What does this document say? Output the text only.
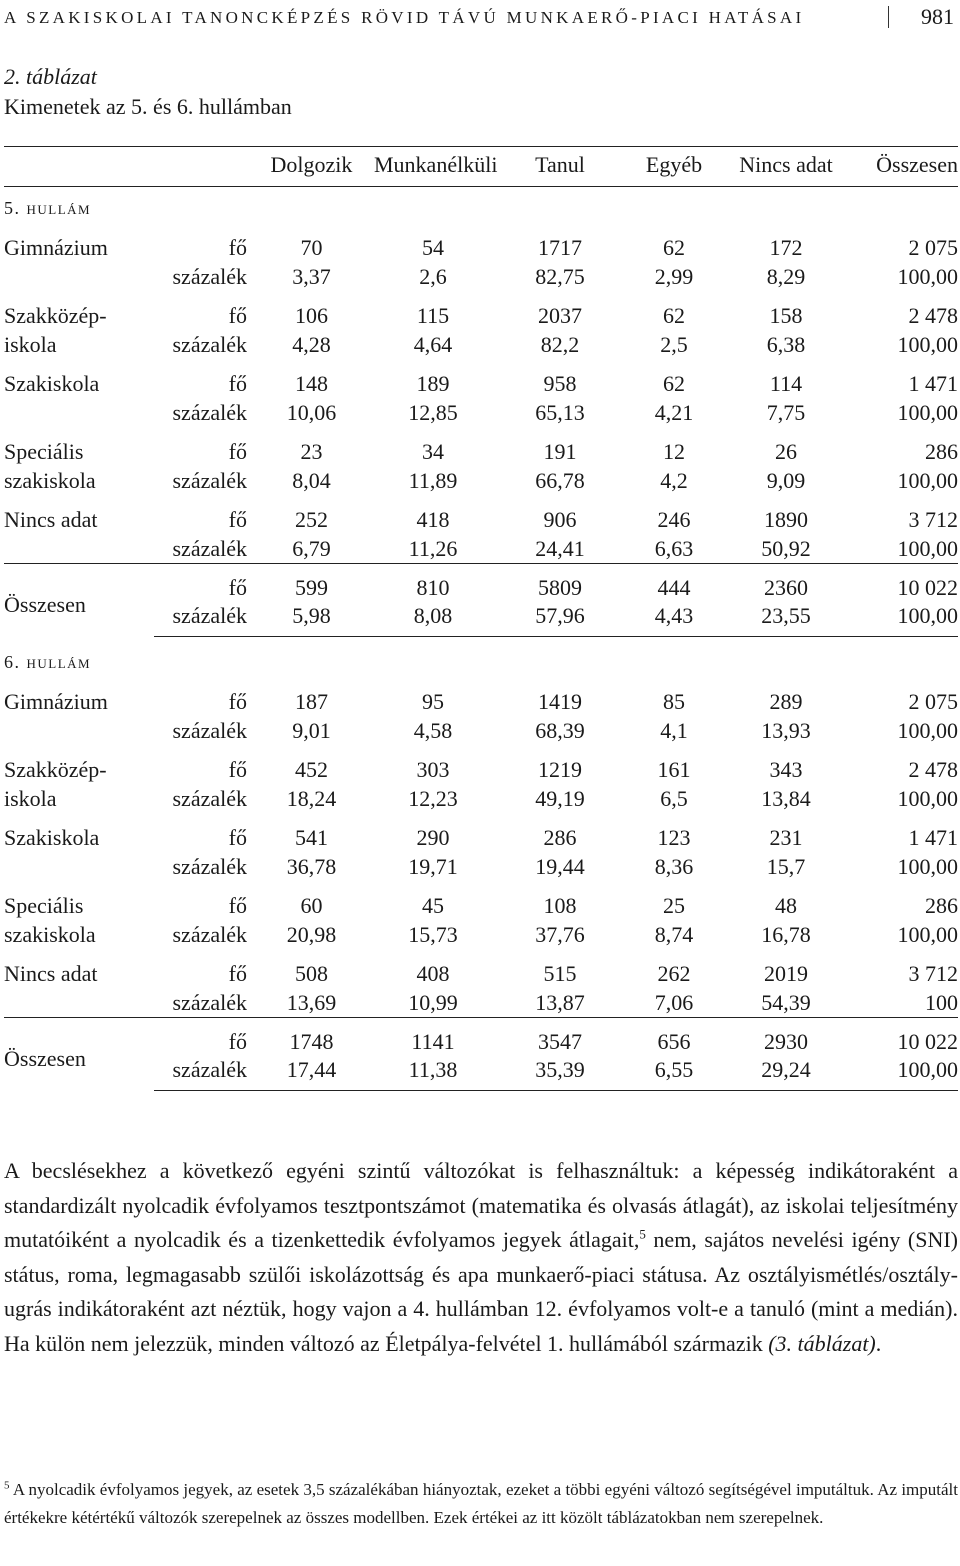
A SZAKISKOLAI TANONCKÉPZÉS RÖVID TÁVÚ MUNKAERŐ-PIACI HATÁSAI	981
2. táblázat
Kimenetek az 5. és 6. hullámban
		Dolgozik	Munkanélküli	Tanul	Egyéb	Nincs adat	Összesen
5. hullám							
Gimnázium	fő	70	54	1717	62	172	2 075
	százalék	3,37	2,6	82,75	2,99	8,29	100,00

Szakközép-	fő	106	115	2037	62	158	2 478
iskola	százalék	4,28	4,64	82,2	2,5	6,38	100,00

Szakiskola	fő	148	189	958	62	114	1 471
	százalék	10,06	12,85	65,13	4,21	7,75	100,00

Speciális	fő	23	34	191	12	26	286
szakiskola	százalék	8,04	11,89	66,78	4,2	9,09	100,00

Nincs adat	fő	252	418	906	246	1890	3 712
	százalék	6,79	11,26	24,41	6,63	50,92	100,00
Összesen	fő	599	810	5809	444	2360	10 022
	százalék	5,98	8,08	57,96	4,43	23,55	100,00
6. hullám							
Gimnázium	fő	187	95	1419	85	289	2 075
	százalék	9,01	4,58	68,39	4,1	13,93	100,00

Szakközép-	fő	452	303	1219	161	343	2 478
iskola	százalék	18,24	12,23	49,19	6,5	13,84	100,00

Szakiskola	fő	541	290	286	123	231	1 471
	százalék	36,78	19,71	19,44	8,36	15,7	100,00

Speciális	fő	60	45	108	25	48	286
szakiskola	százalék	20,98	15,73	37,76	8,74	16,78	100,00

Nincs adat	fő	508	408	515	262	2019	3 712
	százalék	13,69	10,99	13,87	7,06	54,39	100
Összesen	fő	1748	1141	3547	656	2930	10 022
	százalék	17,44	11,38	35,39	6,55	29,24	100,00
A becslésekhez a következő egyéni szintű változókat is felhasználtuk: a képesség indikátoraként a standardizált nyolcadik évfolyamos tesztpontszámot (matematika és olvasás átlagát), az iskolai teljesítmény mutatóiként a nyolcadik és a tizenkettedik évfolyamos jegyek átlagait,$^5$ nem, sajátos nevelési igény (SNI) státus, roma, legmagasabb szülői iskolázottság és apa munkaerő-piaci státusa. Az osztályismétlés/osztályugrás indikátoraként azt néztük, hogy vajon a 4. hullámban 12. évfolyamos volt-e a tanuló (mint a medián). Ha külön nem jelezzük, minden változó az Életpálya-felvétel 1. hullámából származik (3. táblázat).
$^5$ A nyolcadik évfolyamos jegyek, az esetek 3,5 százalékában hiányoztak, ezeket a többi egyéni változó segítségével imputáltuk. Az imputált értékekre kétértékű változók szerepelnek az összes modellben. Ezek értékei az itt közölt táblázatokban nem szerepelnek.
